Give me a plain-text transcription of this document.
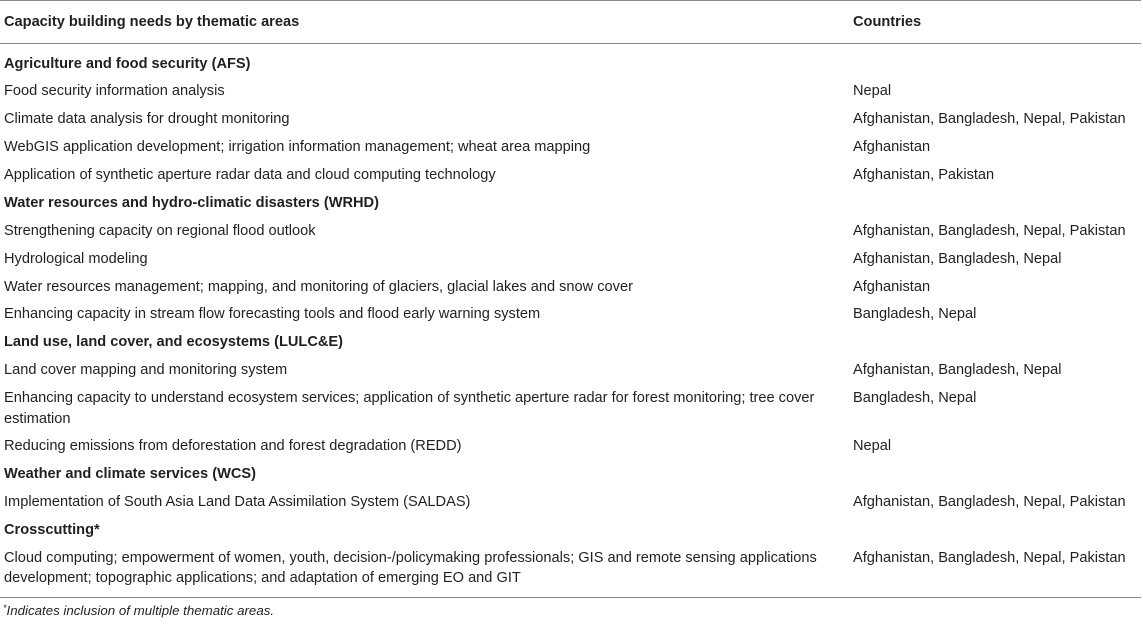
Capacity building needs by thematic areas	Countries
Agriculture and food security (AFS)	
Food security information analysis	Nepal
Climate data analysis for drought monitoring	Afghanistan, Bangladesh, Nepal, Pakistan
WebGIS application development; irrigation information management; wheat area mapping	Afghanistan
Application of synthetic aperture radar data and cloud computing technology	Afghanistan, Pakistan
Water resources and hydro-climatic disasters (WRHD)	
Strengthening capacity on regional flood outlook	Afghanistan, Bangladesh, Nepal, Pakistan
Hydrological modeling	Afghanistan, Bangladesh, Nepal
Water resources management; mapping, and monitoring of glaciers, glacial lakes and snow cover	Afghanistan
Enhancing capacity in stream flow forecasting tools and flood early warning system	Bangladesh, Nepal
Land use, land cover, and ecosystems (LULC&E)	
Land cover mapping and monitoring system	Afghanistan, Bangladesh, Nepal
Enhancing capacity to understand ecosystem services; application of synthetic aperture radar for forest monitoring; tree cover estimation	Bangladesh, Nepal
Reducing emissions from deforestation and forest degradation (REDD)	Nepal
Weather and climate services (WCS)	
Implementation of South Asia Land Data Assimilation System (SALDAS)	Afghanistan, Bangladesh, Nepal, Pakistan
Crosscutting*	
Cloud computing; empowerment of women, youth, decision-/policymaking professionals; GIS and remote sensing applications development; topographic applications; and adaptation of emerging EO and GIT	Afghanistan, Bangladesh, Nepal, Pakistan
*Indicates inclusion of multiple thematic areas.
